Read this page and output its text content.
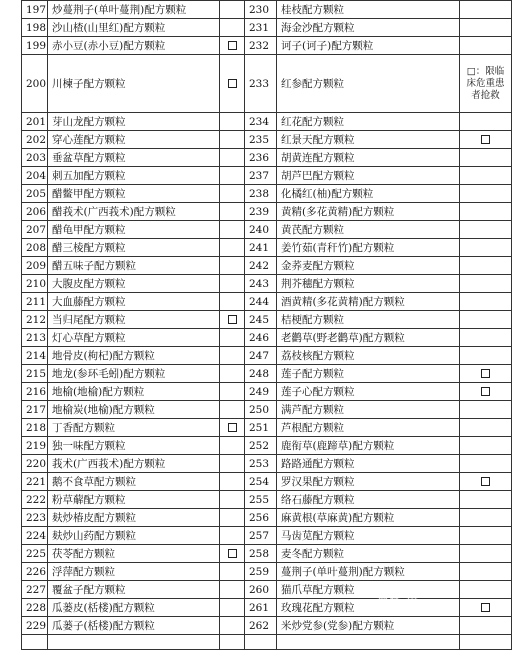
197	炒蔓荆子(单叶蔓荆)配方颗粒		230	桂枝配方颗粒	
198	沙山楂(山里红)配方颗粒		231	海金沙配方颗粒	
199	赤小豆(赤小豆)配方颗粒		232	诃子(诃子)配方颗粒	
200	川楝子配方颗粒		233	红参配方颗粒	□：限临床危重患者抢救
201	芽山龙配方颗粒		234	红花配方颗粒	
202	穿心莲配方颗粒		235	红景天配方颗粒	
203	垂盆草配方颗粒		236	胡黄连配方颗粒	
204	刺五加配方颗粒		237	胡芦巴配方颗粒	
205	醋鳖甲配方颗粒		238	化橘红(柚)配方颗粒	
206	醋莪术(广西莪术)配方颗粒		239	黄精(多花黄精)配方颗粒	
207	醋龟甲配方颗粒		240	黄芪配方颗粒	
208	醋三棱配方颗粒		241	姜竹茹(青秆竹)配方颗粒	
209	醋五味子配方颗粒		242	金荞麦配方颗粒	
210	大腹皮配方颗粒		243	荆芥穗配方颗粒	
211	大血藤配方颗粒		244	酒黄精(多花黄精)配方颗粒	
212	当归尾配方颗粒		245	桔梗配方颗粒	
213	灯心草配方颗粒		246	老鹳草(野老鹳草)配方颗粒	
214	地骨皮(枸杞)配方颗粒		247	荔枝核配方颗粒	
215	地龙(参环毛蚓)配方颗粒		248	莲子配方颗粒	
216	地榆(地榆)配方颗粒		249	莲子心配方颗粒	
217	地榆炭(地榆)配方颗粒		250	满芦配方颗粒	
218	丁香配方颗粒		251	芦根配方颗粒	
219	独一味配方颗粒		252	鹿衔草(鹿蹄草)配方颗粒	
220	莪术(广西莪术)配方颗粒		253	路路通配方颗粒	
221	鹅不食草配方颗粒		254	罗汉果配方颗粒	
222	粉草薢配方颗粒		255	络石藤配方颗粒	
223	麸炒椿皮配方颗粒		256	麻黄根(草麻黄)配方颗粒	
224	麸炒山药配方颗粒		257	马齿苋配方颗粒	
225	茯苓配方颗粒		258	麦冬配方颗粒	
226	浮萍配方颗粒		259	蔓荆子(单叶蔓荆)配方颗粒	
227	覆盆子配方颗粒		260	猫爪草配方颗粒	
228	瓜蒌皮(栝楼)配方颗粒		261	玫瑰花配方颗粒	
229	瓜蒌子(栝楼)配方颗粒		262	米炒党参(党参)配方颗粒	

网络 国
